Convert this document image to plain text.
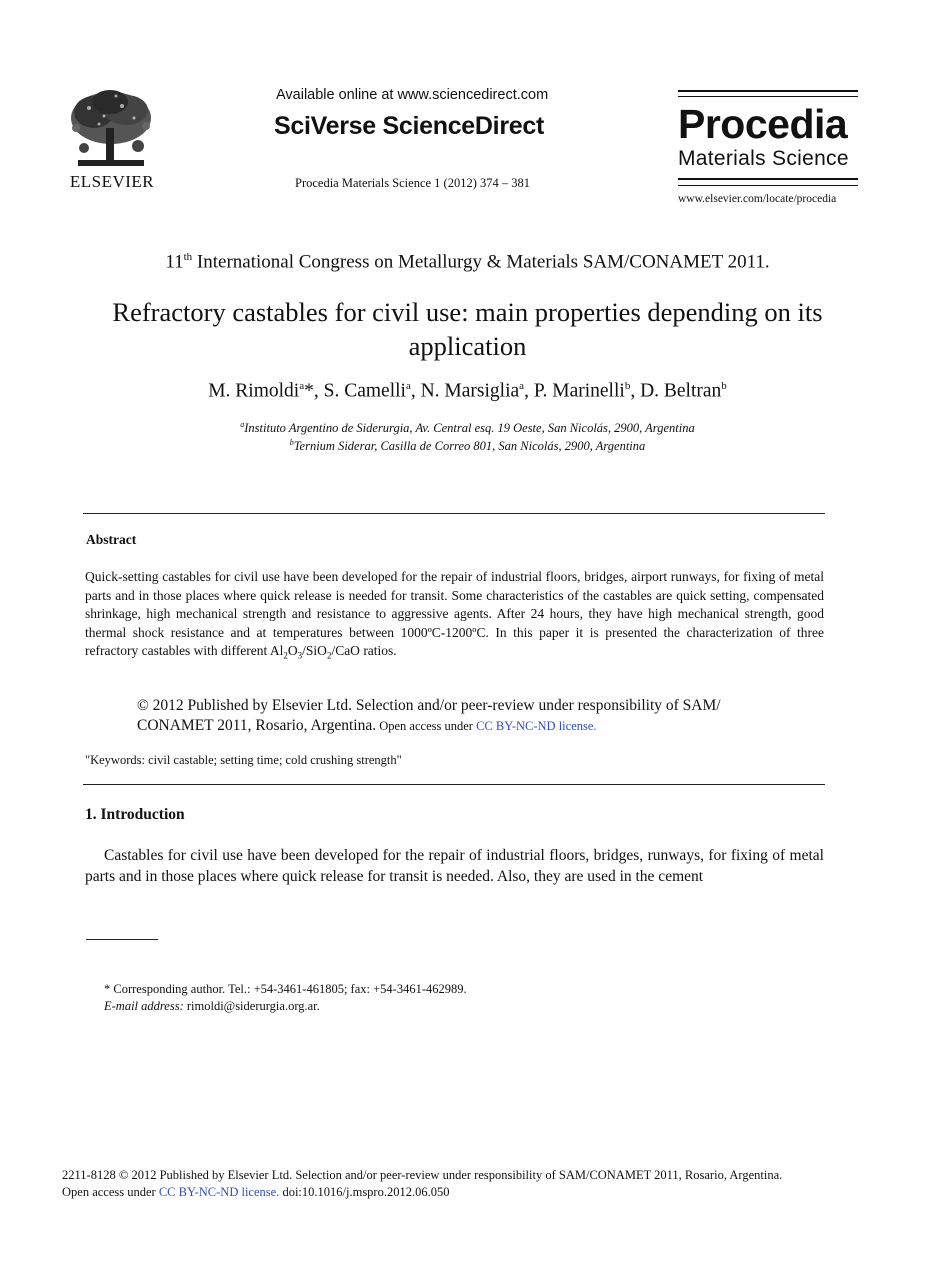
ELSEVIER
Available online at www.sciencedirect.com
SciVerse ScienceDirect
Procedia Materials Science 1 (2012) 374 – 381
Procedia
Materials Science
www.elsevier.com/locate/procedia
11th International Congress on Metallurgy & Materials SAM/CONAMET 2011.
Refractory castables for civil use: main properties depending on its application
M. Rimoldi$^a$*, S. Camelli$^a$, N. Marsiglia$^a$, P. Marinelli$^b$, D. Beltran$^b$
$^a$Instituto Argentino de Siderurgia, Av. Central esq. 19 Oeste, San Nicolás, 2900, Argentina
$^b$Ternium Siderar, Casilla de Correo 801, San Nicolás, 2900, Argentina
Abstract
Quick-setting castables for civil use have been developed for the repair of industrial floors, bridges, airport runways, for fixing of metal parts and in those places where quick release is needed for transit. Some characteristics of the castables are quick setting, compensated shrinkage, high mechanical strength and resistance to aggressive agents. After 24 hours, they have high mechanical strength, good thermal shock resistance and at temperatures between 1000ºC-1200ºC. In this paper it is presented the characterization of three refractory castables with different $Al_2O_3/SiO_2$/CaO ratios.
© 2012 Published by Elsevier Ltd. Selection and/or peer-review under responsibility of SAM/ CONAMET 2011, Rosario, Argentina. Open access under CC BY-NC-ND license.
"Keywords: civil castable; setting time; cold crushing strength"
1. Introduction
Castables for civil use have been developed for the repair of industrial floors, bridges, runways, for fixing of metal parts and in those places where quick release for transit is needed. Also, they are used in the cement
* Corresponding author. Tel.: +54-3461-461805; fax: +54-3461-462989.
E-mail address: rimoldi@siderurgia.org.ar.
2211-8128 © 2012 Published by Elsevier Ltd. Selection and/or peer-review under responsibility of SAM/CONAMET 2011, Rosario, Argentina.
Open access under CC BY-NC-ND license. doi:10.1016/j.mspro.2012.06.050
